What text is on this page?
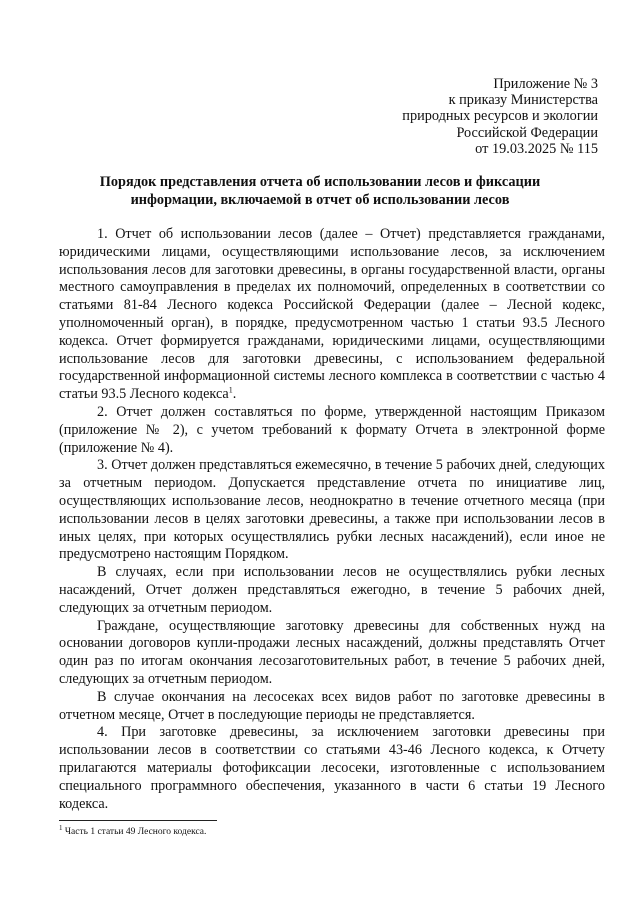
Приложение № 3
к приказу Министерства
природных ресурсов и экологии
Российской Федерации
от 19.03.2025 № 115
Порядок представления отчета об использовании лесов и фиксации
информации, включаемой в отчет об использовании лесов

1. Отчет об использовании лесов (далее – Отчет) представляется гражданами, юридическими лицами, осуществляющими использование лесов, за исключением использования лесов для заготовки древесины, в органы государственной власти, органы местного самоуправления в пределах их полномочий, определенных в соответствии со статьями 81-84 Лесного кодекса Российской Федерации (далее – Лесной кодекс, уполномоченный орган), в порядке, предусмотренном частью 1 статьи 93.5 Лесного кодекса. Отчет формируется гражданами, юридическими лицами, осуществляющими использование лесов для заготовки древесины, с использованием федеральной государственной информационной системы лесного комплекса в соответствии с частью 4 статьи 93.5 Лесного кодекса$^1$.

2. Отчет должен составляться по форме, утвержденной настоящим Приказом (приложение № 2), с учетом требований к формату Отчета в электронной форме (приложение № 4).

3. Отчет должен представляться ежемесячно, в течение 5 рабочих дней, следующих за отчетным периодом. Допускается представление отчета по инициативе лиц, осуществляющих использование лесов, неоднократно в течение отчетного месяца (при использовании лесов в целях заготовки древесины, а также при использовании лесов в иных целях, при которых осуществлялись рубки лесных насаждений), если иное не предусмотрено настоящим Порядком.

В случаях, если при использовании лесов не осуществлялись рубки лесных насаждений, Отчет должен представляться ежегодно, в течение 5 рабочих дней, следующих за отчетным периодом.

Граждане, осуществляющие заготовку древесины для собственных нужд на основании договоров купли-продажи лесных насаждений, должны представлять Отчет один раз по итогам окончания лесозаготовительных работ, в течение 5 рабочих дней, следующих за отчетным периодом.

В случае окончания на лесосеках всех видов работ по заготовке древесины в отчетном месяце, Отчет в последующие периоды не представляется.

4. При заготовке древесины, за исключением заготовки древесины при использовании лесов в соответствии со статьями 43-46 Лесного кодекса, к Отчету прилагаются материалы фотофиксации лесосеки, изготовленные с использованием специального программного обеспечения, указанного в части 6 статьи 19 Лесного кодекса.

$^1$ Часть 1 статьи 49 Лесного кодекса.
